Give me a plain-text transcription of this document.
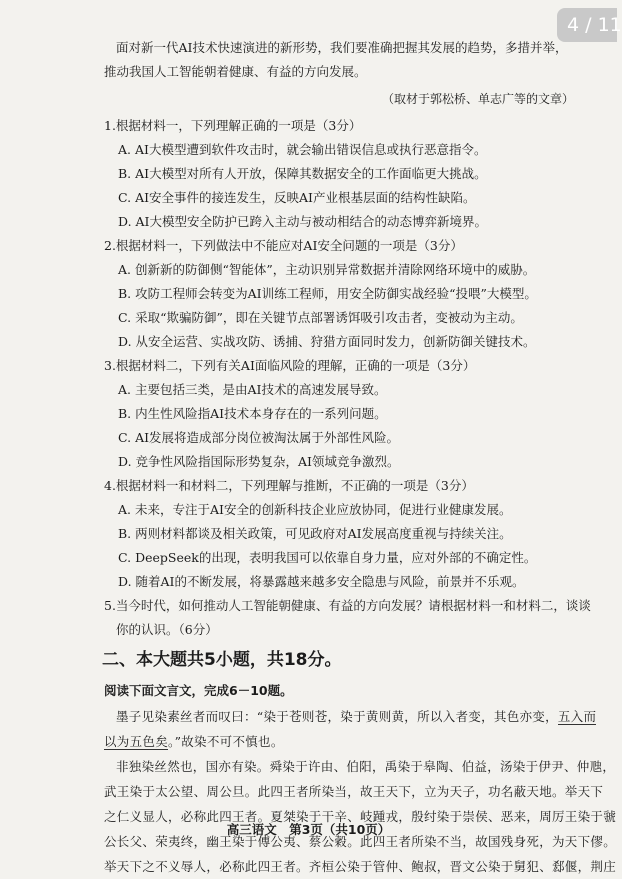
4 / 11

面对新一代AI技术快速演进的新形势，我们要准确把握其发展的趋势，多措并举，

推动我国人工智能朝着健康、有益的方向发展。

（取材于郭松桥、单志广等的文章）

1.根据材料一，下列理解正确的一项是（3分）

A. AI大模型遭到软件攻击时，就会输出错误信息或执行恶意指令。
B. AI大模型对所有人开放，保障其数据安全的工作面临更大挑战。
C. AI安全事件的接连发生，反映AI产业根基层面的结构性缺陷。
D. AI大模型安全防护已跨入主动与被动相结合的动态博弈新境界。

2.根据材料一，下列做法中不能应对AI安全问题的一项是（3分）

A. 创新新的防御侧“智能体”，主动识别异常数据并清除网络环境中的威胁。
B. 攻防工程师会转变为AI训练工程师，用安全防御实战经验“投喂”大模型。
C. 采取“欺骗防御”，即在关键节点部署诱饵吸引攻击者，变被动为主动。
D. 从安全运营、实战攻防、诱捕、狩猎方面同时发力，创新防御关键技术。

3.根据材料二，下列有关AI面临风险的理解，正确的一项是（3分）

A. 主要包括三类，是由AI技术的高速发展导致。
B. 内生性风险指AI技术本身存在的一系列问题。
C. AI发展将造成部分岗位被淘汰属于外部性风险。
D. 竞争性风险指国际形势复杂，AI领域竞争激烈。

4.根据材料一和材料二，下列理解与推断，不正确的一项是（3分）

A. 未来，专注于AI安全的创新科技企业应放协同，促进行业健康发展。
B. 两则材料都谈及相关政策，可见政府对AI发展高度重视与持续关注。
C. DeepSeek的出现，表明我国可以依靠自身力量，应对外部的不确定性。
D. 随着AI的不断发展，将暴露越来越多安全隐患与风险，前景并不乐观。

5.当今时代，如何推动人工智能朝健康、有益的方向发展？请根据材料一和材料二，谈谈

你的认识。（6分）

二、本大题共5小题，共18分。
阅读下面文言文，完成6－10题。

墨子见染素丝者而叹曰：“染于苍则苍，染于黄则黄，所以入者变，其色亦变，五入而

以为五色矣。”故染不可不慎也。

非独染丝然也，国亦有染。舜染于许由、伯阳，禹染于皋陶、伯益，汤染于伊尹、仲虺，

武王染于太公望、周公旦。此四王者所染当，故王天下，立为天子，功名蔽天地。举天下

之仁义显人，必称此四王者。夏桀染于干辛、岐踵戎，殷纣染于崇侯、恶来，周厉王染于虢

公长父、荣夷终，幽王染于傅公夷、蔡公穀。此四王者所染不当，故国残身死，为天下僇。

举天下之不义辱人，必称此四王者。齐桓公染于管仲、鲍叔，晋文公染于舅犯、郄偃，荆庄

高三语文　第3页（共10页）
